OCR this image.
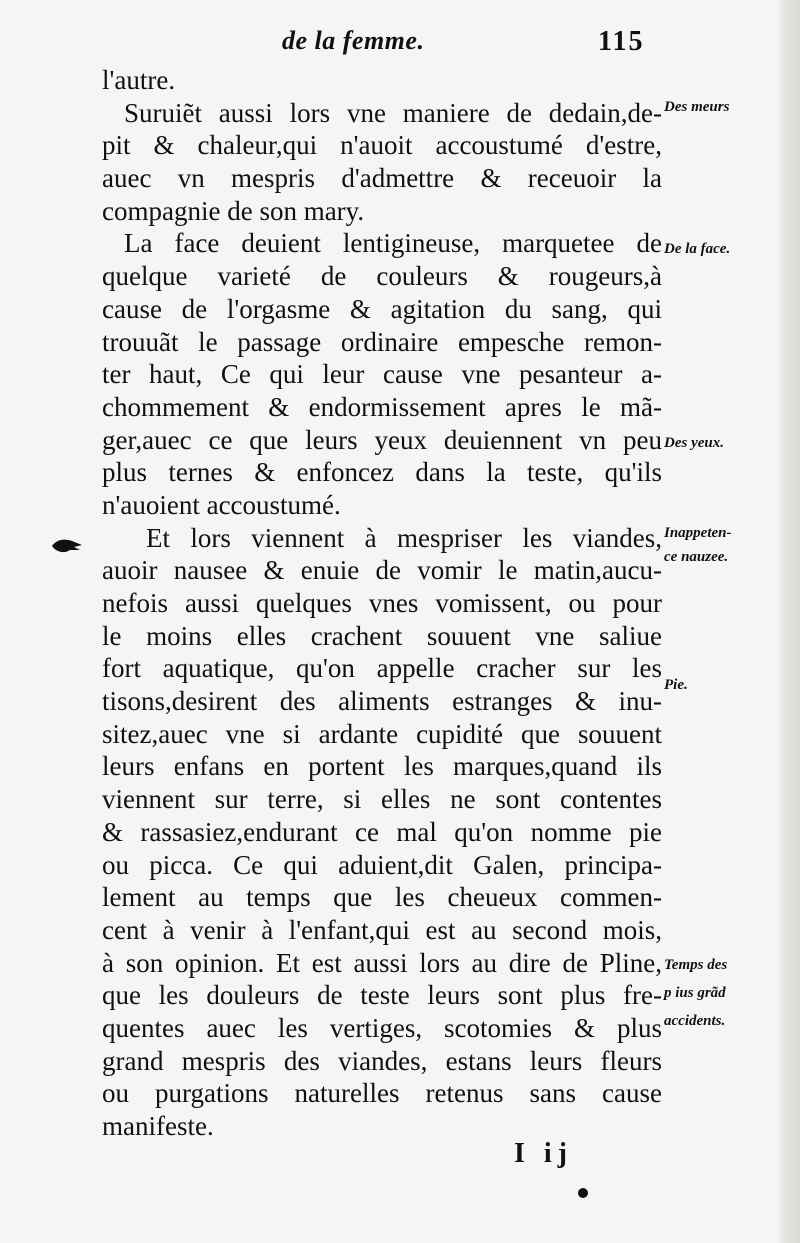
de la femme.	115
l'autre.
Suruiẽt aussi lors vne maniere de dedain,de-
pit & chaleur,qui n'auoit accoustumé d'estre,
auec vn mespris d'admettre & receuoir la
compagnie de son mary.
La face deuient lentigineuse, marquetee de
quelque varieté de couleurs & rougeurs,à
cause de l'orgasme & agitation du sang, qui
trouuãt le passage ordinaire empesche remon-
ter haut, Ce qui leur cause vne pesanteur a-
chommement & endormissement apres le mã-
ger,auec ce que leurs yeux deuiennent vn peu
plus ternes & enfoncez dans la teste, qu'ils
n'auoient accoustumé.
Et lors viennent à mespriser les viandes,
auoir nausee & enuie de vomir le matin,aucu-
nefois aussi quelques vnes vomissent, ou pour
le moins elles crachent souuent vne saliue
fort aquatique, qu'on appelle cracher sur les
tisons,desirent des aliments estranges & inu-
sitez,auec vne si ardante cupidité que souuent
leurs enfans en portent les marques,quand ils
viennent sur terre, si elles ne sont contentes
& rassasiez,endurant ce mal qu'on nomme pie
ou picca. Ce qui aduient,dit Galen, principa-
lement au temps que les cheueux commen-
cent à venir à l'enfant,qui est au second mois,
à son opinion. Et est aussi lors au dire de Pline,
que les douleurs de teste leurs sont plus fre-
quentes auec les vertiges, scotomies & plus
grand mespris des viandes, estans leurs fleurs
ou purgations naturelles retenus sans cause
manifeste.
Des meurs
De la face.
Des yeux.
Inappeten-
ce nauzee.
Pie.
Temps des
p ius grãd
accidents.
I ij
